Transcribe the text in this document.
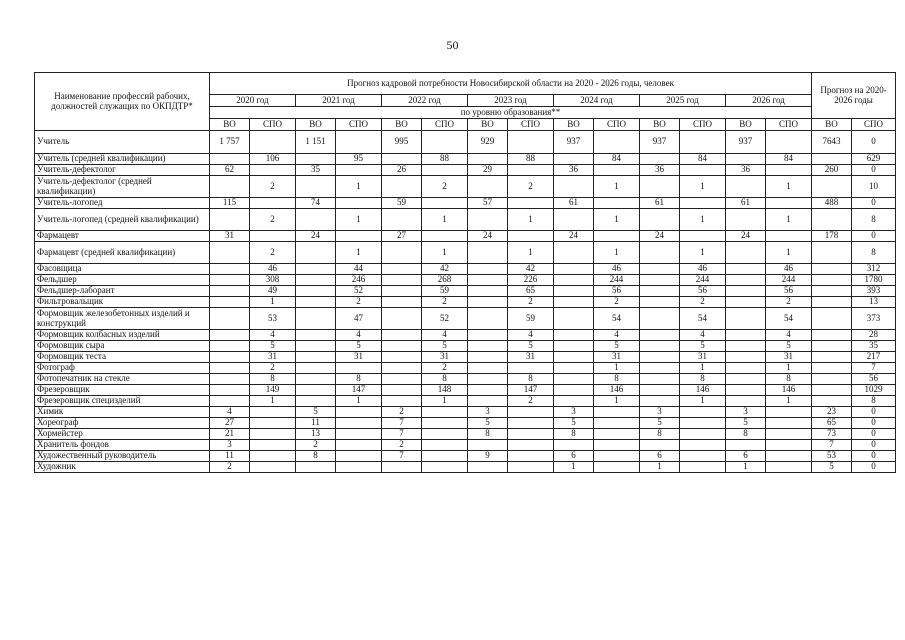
50
Наименование профессий рабочих, должностей служащих по ОКПДТР*	Прогноз кадровой потребности Новосибирской области на 2020 - 2026 годы, человек														Прогноз на 2020-2026 годы	
	2020 год		2021 год		2022 год		2023 год		2024 год		2025 год		2026 год			
	по уровню образования**															
	ВО	СПО	ВО	СПО	ВО	СПО	ВО	СПО	ВО	СПО	ВО	СПО	ВО	СПО	ВО	СПО
Учитель	1 757		1 151		995		929		937		937		937		7643	0
Учитель (средней квалификации)		106		95		88		88		84		84		84		629
Учитель-дефектолог	62		35		26		29		36		36		36		260	0
Учитель-дефектолог (средней квалификации)		2		1		2		2		1		1		1		10
Учитель-логопед	115		74		59		57		61		61		61		488	0
Учитель-логопед (средней квалификации)		2		1		1		1		1		1		1		8
Фармацевт	31		24		27		24		24		24		24		178	0
Фармацевт (средней квалификации)		2		1		1		1		1		1		1		8
Фасовщица		46		44		42		42		46		46		46		312
Фельдшер		308		246		268		226		244		244		244		1780
Фельдшер-лаборант		49		52		59		65		56		56		56		393
Фильтровальщик		1		2		2		2		2		2		2		13
Формовщик железобетонных изделий и конструкций		53		47		52		59		54		54		54		373
Формовщик колбасных изделий		4		4		4		4		4		4		4		28
Формовщик сыра		5		5		5		5		5		5		5		35
Формовщик теста		31		31		31		31		31		31		31		217
Фотограф		2				2				1		1		1		7
Фотопечатник на стекле		8		8		8		8		8		8		8		56
Фрезеровщик		149		147		148		147		146		146		146		1029
Фрезеровщик специзделий		1		1		1		2		1		1		1		8
Химик	4		5		2		3		3		3		3		23	0
Хореограф	27		11		7		5		5		5		5		65	0
Хормейстер	21		13		7		8		8		8		8		73	0
Хранитель фондов	3		2		2										7	0
Художественный руководитель	11		8		7		9		6		6		6		53	0
Художник	2								1		1		1		5	0
